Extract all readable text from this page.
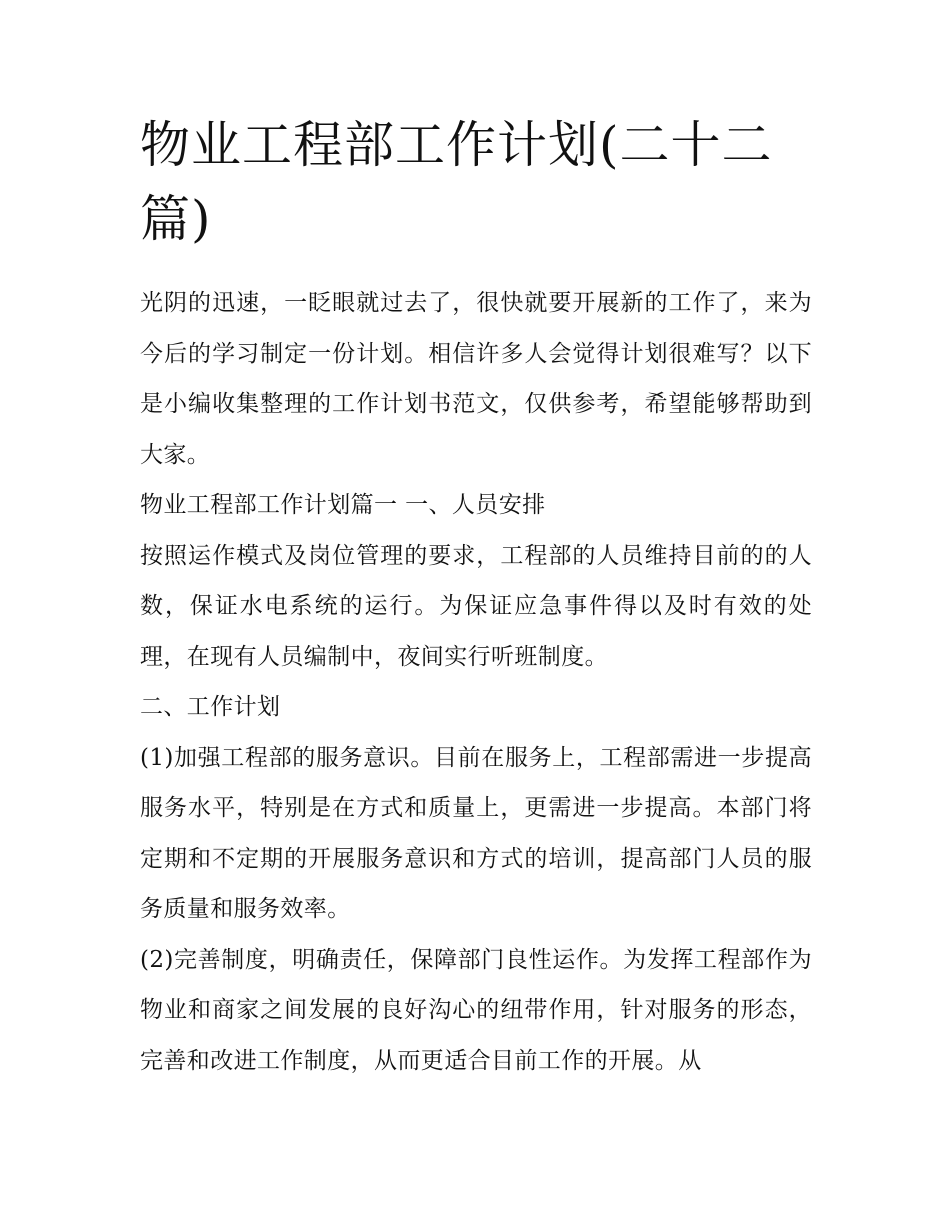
物业工程部工作计划(二十二篇)

光阴的迅速，一眨眼就过去了，很快就要开展新的工作了，来为今后的学习制定一份计划。相信许多人会觉得计划很难写？以下是小编收集整理的工作计划书范文，仅供参考，希望能够帮助到大家。

物业工程部工作计划篇一 一、人员安排

按照运作模式及岗位管理的要求，工程部的人员维持目前的的人数，保证水电系统的运行。为保证应急事件得以及时有效的处理，在现有人员编制中，夜间实行听班制度。

二、工作计划

(1)加强工程部的服务意识。目前在服务上，工程部需进一步提高服务水平，特别是在方式和质量上，更需进一步提高。本部门将定期和不定期的开展服务意识和方式的培训，提高部门人员的服务质量和服务效率。

(2)完善制度，明确责任，保障部门良性运作。为发挥工程部作为物业和商家之间发展的良好沟心的纽带作用，针对服务的形态，完善和改进工作制度，从而更适合目前工作的开展。从
